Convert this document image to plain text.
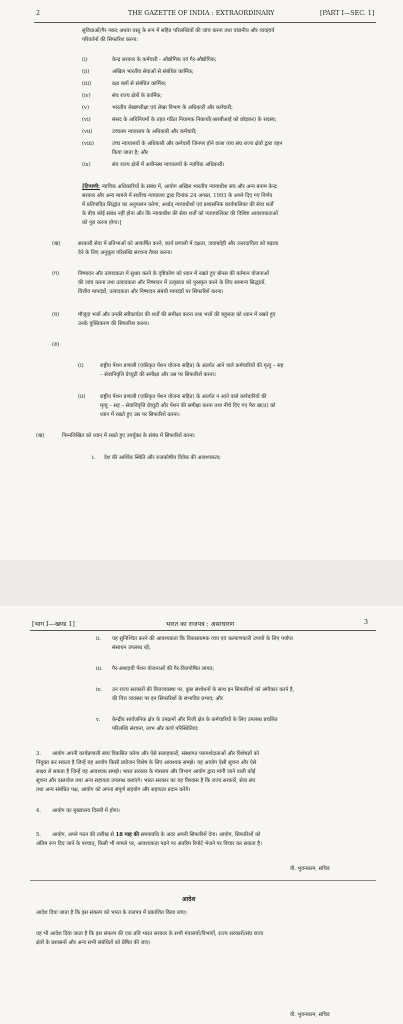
2	THE GAZETTE OF INDIA : EXTRAORDINARY	[PART I—SEC. 1]
सुविधाओं/गैर नकद अथवा वस्तु के रूप में सहित परिलब्धियों की जांच करना तथा वांछनीय और व्यवहार्य
परिवर्तनों की सिफारिश करना:
(i)	केन्द्र सरकार के कर्मचारी - औद्योगिक एवं गैर-औद्योगिक;
(ii)	अखिल भारतीय सेवाओं से संबंधित कार्मिक;
(iii)	रक्षा बलों से संबंधित कार्मिक;
(iv)	संघ राज्य क्षेत्रों के कार्मिक;
(v)	भारतीय लेखापरीक्षा एवं लेखा विभाग के अधिकारी और कर्मचारी;
(vi)	संसद के अधिनियमों के तहत गठित नियामक निकायों(आरबीआई को छोड़कर) के सदस्य;
(vii)	उच्चतम न्यायालय के अधिकारी और कर्मचारी;
(viii)	उच्च न्यायालयों के अधिकारी और कर्मचारी जिनपर होने वाला व्यय संघ राज्य क्षेत्रों द्वारा वहन
किया जाता है; और
(ix)	संघ राज्य क्षेत्रों में अधीनस्थ न्यायालयों के न्यायिक अधिकारी।
[टिप्पणी: न्यायिक अधिकारियों के संबंध में, आयोग अखिल भारतीय न्यायाधीश संघ और अन्य बनाम केन्द्र
सरकार और अन्य मामले में सर्वोच्च न्यायालय द्वारा दिनांक 24 अगस्त, 1993 के अपने दिए गए निर्णय
में प्रतिपादित सिद्धांत का अनुपालन करेगा, अर्थात् न्यायाधीशों एवं प्रशासनिक कार्यपालिका की सेवा शर्तों
के बीच कोई संबंध नहीं होना और कि न्यायाधीश की सेवा शर्तों को न्यायपालिका की विशिष्ट आवश्यकताओं
को पूरा करना होगा।]
(ख)	सरकारी सेवा में प्रतिभाओं को आकर्षित करने, कार्य प्रणाली में दक्षता, जवाबदेही और उत्तरदायित्व को बढ़ावा
देने के लिए अनुकूल परिलब्धि संरचना तैयार करना।
(ग)	निष्पादन और उत्पादकता में सुधार करने के दृष्टिकोण को ध्यान में रखते हुए बोनस की वर्तमान योजनाओं
की जांच करना तथा उत्पादकता और निष्पादन में उत्कृष्टता को पुरस्कृत करने के लिए सामान्य सिद्धांतों,
वित्तीय मापदंडों, उत्पादकता और निष्पादन संबंधी मापदंडों पर सिफारिशें करना।
(घ)	मौजूदा भत्तों और उनकी स्वीकार्यता की शर्तों की समीक्षा करना तथा भत्तों की बहुलता को ध्यान में रखते हुए
उनके युक्तिकरण की सिफारिश करना।
(ङ)
(i)	राष्ट्रीय पेंशन प्रणाली (एकीकृत पेंशन योजना सहित) के अंतर्गत आने वाले कर्मचारियों की मृत्यु – सह
– सेवानिवृत्ति ग्रेच्युटी की समीक्षा और उस पर सिफारिशें करना।
(ii)	राष्ट्रीय पेंशन प्रणाली (एकीकृत पेंशन योजना सहित) के अंतर्गत न आने वाले कर्मचारियों की
मृत्यु – सह – सेवानिवृत्ति ग्रेच्युटी और पेंशन की समीक्षा करना तथा नीचे दिए गए पैरा ख(ii) को
ध्यान में रखते हुए उस पर सिफारिशें करना।
(ख)	निम्नलिखित को ध्यान में रखते हुए उपर्युक्त के संबंध में सिफारिशें करना:
i. देश की आर्थिक स्थिति और राजकोषीय विवेक की आवश्यकता;
[भाग I—खण्ड 1]	भारत का राजपत्र : असाधारण	3
ii. यह सुनिश्चित करने की आवश्यकता कि विकासात्मक व्यय एवं कल्याणकारी उपायों के लिए पर्याप्त
संसाधन उपलब्ध रहें;
iii. गैर-अंशदायी पेंशन योजनाओं की गैर-वित्तपोषित लागत;
iv. उन राज्य सरकारों की वित्तव्यवस्था पर, कुछ संशोधनों के साथ इन सिफारिशों को अंगीकार करने है,
की वित्त व्यवस्था पर इन सिफारिशों के संभावित प्रभाव; और
v. केन्द्रीय सार्वजनिक क्षेत्र के उपक्रमों और निजी क्षेत्र के कर्मचारियों के लिए उपलब्ध प्रचलित
परिलब्धि संरचना, लाभ और कार्य परिस्थितियां;
3. आयोग अपनी कार्यप्रणाली स्वयं विकसित करेगा और ऐसे सलाहकारों, संस्थागत परामर्शदाताओं और विशेषज्ञों को
नियुक्त कर सकता है जिन्हें यह आयोग किसी प्रयोजन विशेष के लिए आवश्यक समझे। यह आयोग ऐसी सूचना और ऐसे
साक्ष्य ले सकता है जिन्हें यह आवश्यक समझे। भारत सरकार के मंत्रालय और विभाग आयोग द्वारा मांगी जाने वाली कोई
सूचना और दस्तावेज तथा अन्य सहायता उपलब्ध कराएंगे। भारत सरकार का यह विश्वास है कि राज्य सरकारें, सेवा संघ
तथा अन्य संबंधित पक्ष, आयोग को अपना संपूर्ण सहयोग और सहायता प्रदान करेंगे।
4. आयोग का मुख्यालय दिल्ली में होगा।
5. आयोग, अपने गठन की तारीख से 18 माह की समयावधि के अंदर अपनी सिफारिशें देगा। आयोग, सिफारिशों को
अंतिम रूप दिए जाने के पश्चात्, किसी भी मामले पर, आवश्यकता पड़ने पर अंतरिम रिपोर्ट भेजने पर विचार कर सकता है।
वी. भुवनकाम, सचिव
आदेश
आदेश दिया जाता है कि इस संकल्प को भारत के राजपत्र में प्रकाशित किया जाए।
यह भी आदेश दिया जाता है कि इस संकल्प की एक प्रति भारत सरकार के सभी मंत्रालयों/विभागों, राज्य सरकारों/संघ राज्य
क्षेत्रों के प्रशासनों और अन्य सभी संबंधितों को प्रेषित की जाए।
वी. भुवनकाम, सचिव
